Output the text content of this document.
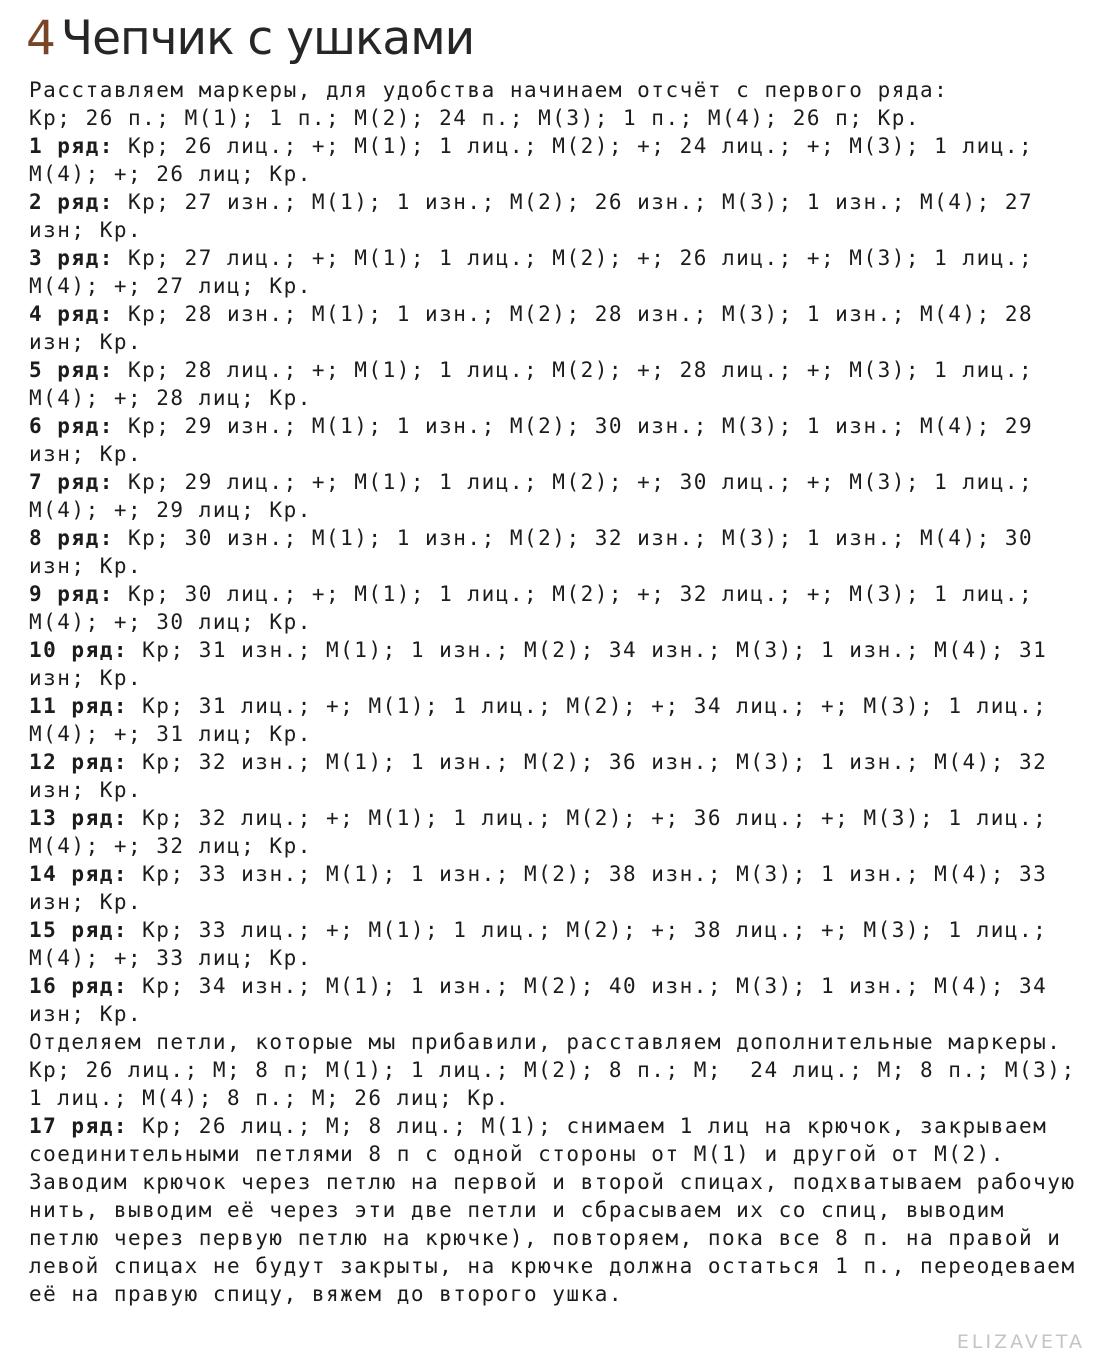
4 Чепчик с ушками

Расставляем маркеры, для удобства начинаем отсчёт с первого ряда:

Кр; 26 п.; М(1); 1 п.; М(2); 24 п.; М(3); 1 п.; М(4); 26 п; Кр.

1 ряд: Кр; 26 лиц.; +; М(1); 1 лиц.; М(2); +; 24 лиц.; +; М(3); 1 лиц.; М(4); +; 26 лиц; Кр.

2 ряд: Кр; 27 изн.; М(1); 1 изн.; М(2); 26 изн.; М(3); 1 изн.; М(4); 27 изн; Кр.

3 ряд: Кр; 27 лиц.; +; М(1); 1 лиц.; М(2); +; 26 лиц.; +; М(3); 1 лиц.; М(4); +; 27 лиц; Кр.

4 ряд: Кр; 28 изн.; М(1); 1 изн.; М(2); 28 изн.; М(3); 1 изн.; М(4); 28 изн; Кр.

5 ряд: Кр; 28 лиц.; +; М(1); 1 лиц.; М(2); +; 28 лиц.; +; М(3); 1 лиц.; М(4); +; 28 лиц; Кр.

6 ряд: Кр; 29 изн.; М(1); 1 изн.; М(2); 30 изн.; М(3); 1 изн.; М(4); 29 изн; Кр.

7 ряд: Кр; 29 лиц.; +; М(1); 1 лиц.; М(2); +; 30 лиц.; +; М(3); 1 лиц.; М(4); +; 29 лиц; Кр.

8 ряд: Кр; 30 изн.; М(1); 1 изн.; М(2); 32 изн.; М(3); 1 изн.; М(4); 30 изн; Кр.

9 ряд: Кр; 30 лиц.; +; М(1); 1 лиц.; М(2); +; 32 лиц.; +; М(3); 1 лиц.; М(4); +; 30 лиц; Кр.

10 ряд: Кр; 31 изн.; М(1); 1 изн.; М(2); 34 изн.; М(3); 1 изн.; М(4); 31 изн; Кр.

11 ряд: Кр; 31 лиц.; +; М(1); 1 лиц.; М(2); +; 34 лиц.; +; М(3); 1 лиц.; М(4); +; 31 лиц; Кр.

12 ряд: Кр; 32 изн.; М(1); 1 изн.; М(2); 36 изн.; М(3); 1 изн.; М(4); 32 изн; Кр.

13 ряд: Кр; 32 лиц.; +; М(1); 1 лиц.; М(2); +; 36 лиц.; +; М(3); 1 лиц.; М(4); +; 32 лиц; Кр.

14 ряд: Кр; 33 изн.; М(1); 1 изн.; М(2); 38 изн.; М(3); 1 изн.; М(4); 33 изн; Кр.

15 ряд: Кр; 33 лиц.; +; М(1); 1 лиц.; М(2); +; 38 лиц.; +; М(3); 1 лиц.; М(4); +; 33 лиц; Кр.

16 ряд: Кр; 34 изн.; М(1); 1 изн.; М(2); 40 изн.; М(3); 1 изн.; М(4); 34 изн; Кр.

Отделяем петли, которые мы прибавили, расставляем дополнительные маркеры.

Кр; 26 лиц.; М; 8 п; М(1); 1 лиц.; М(2); 8 п.; М;  24 лиц.; М; 8 п.; М(3); 1 лиц.; М(4); 8 п.; М; 26 лиц; Кр.

17 ряд: Кр; 26 лиц.; М; 8 лиц.; М(1); снимаем 1 лиц на крючок, закрываем соединительными петлями 8 п с одной стороны от М(1) и другой от М(2).

Заводим крючок через петлю на первой и второй спицах, подхватываем рабочую нить, выводим её через эти две петли и сбрасываем их со спиц, выводим петлю через первую петлю на крючке), повторяем, пока все 8 п. на правой и левой спицах не будут закрыты, на крючке должна остаться 1 п., переодеваем её на правую спицу, вяжем до второго ушка.

ELIZAVETA
